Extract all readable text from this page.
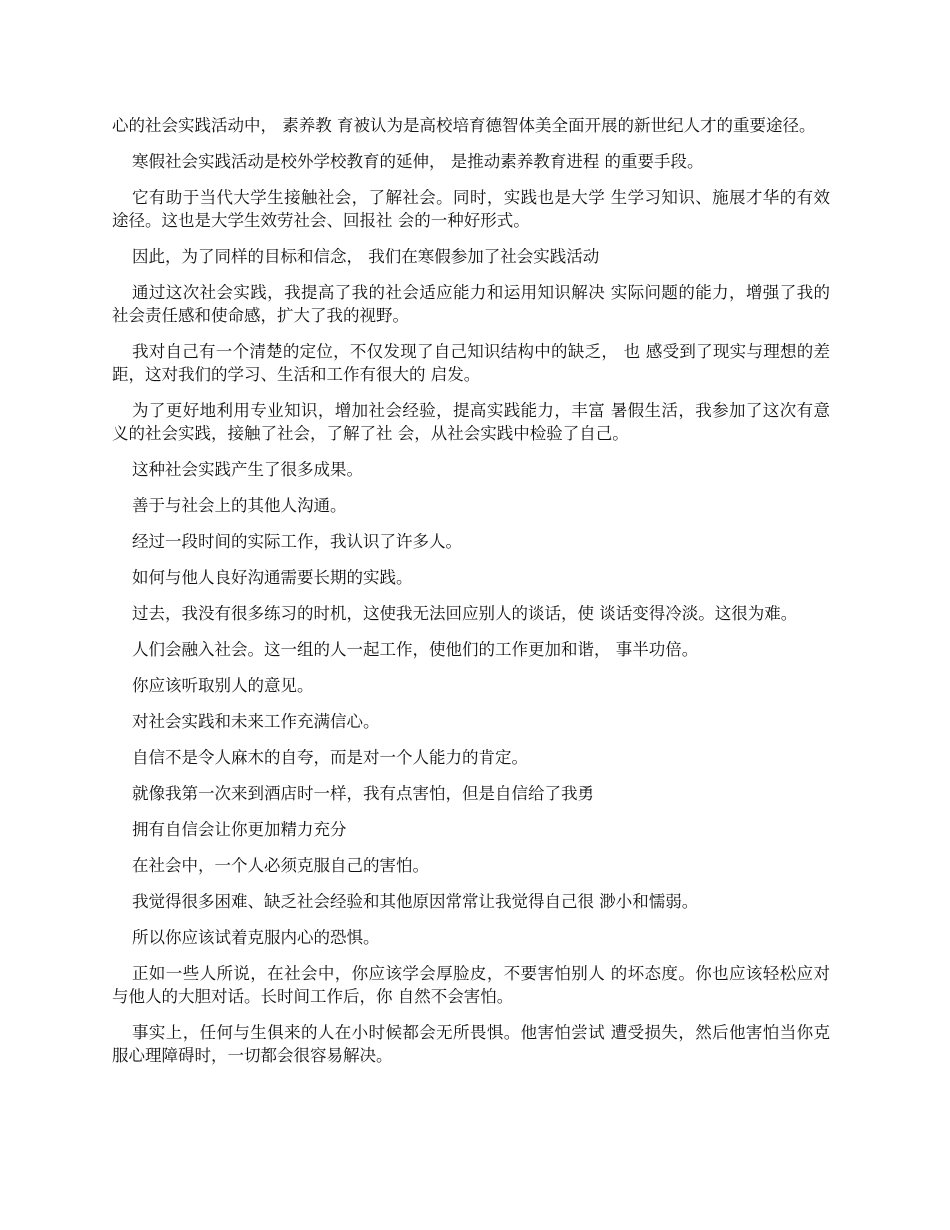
心的社会实践活动中， 素养教 育被认为是高校培育德智体美全面开展的新世纪人才的重要途径。

寒假社会实践活动是校外学校教育的延伸， 是推动素养教育进程 的重要手段。

它有助于当代大学生接触社会，了解社会。同时，实践也是大学 生学习知识、施展才华的有效途径。这也是大学生效劳社会、回报社 会的一种好形式。

因此，为了同样的目标和信念， 我们在寒假参加了社会实践活动

通过这次社会实践，我提高了我的社会适应能力和运用知识解决 实际问题的能力，增强了我的社会责任感和使命感，扩大了我的视野。

我对自己有一个清楚的定位，不仅发现了自己知识结构中的缺乏， 也 感受到了现实与理想的差距，这对我们的学习、生活和工作有很大的 启发。

为了更好地利用专业知识，增加社会经验，提高实践能力，丰富 暑假生活，我参加了这次有意义的社会实践，接触了社会，了解了社 会，从社会实践中检验了自己。

这种社会实践产生了很多成果。

善于与社会上的其他人沟通。

经过一段时间的实际工作，我认识了许多人。

如何与他人良好沟通需要长期的实践。

过去，我没有很多练习的时机，这使我无法回应别人的谈话，使 谈话变得冷淡。这很为难。

人们会融入社会。这一组的人一起工作，使他们的工作更加和谐， 事半功倍。

你应该听取别人的意见。

对社会实践和未来工作充满信心。

自信不是令人麻木的自夸，而是对一个人能力的肯定。

就像我第一次来到酒店时一样，我有点害怕，但是自信给了我勇

拥有自信会让你更加精力充分

在社会中，一个人必须克服自己的害怕。

我觉得很多困难、缺乏社会经验和其他原因常常让我觉得自己很 渺小和懦弱。

所以你应该试着克服内心的恐惧。

正如一些人所说，在社会中，你应该学会厚脸皮，不要害怕别人 的坏态度。你也应该轻松应对与他人的大胆对话。长时间工作后，你 自然不会害怕。

事实上，任何与生俱来的人在小时候都会无所畏惧。他害怕尝试 遭受损失，然后他害怕当你克服心理障碍时，一切都会很容易解决。
